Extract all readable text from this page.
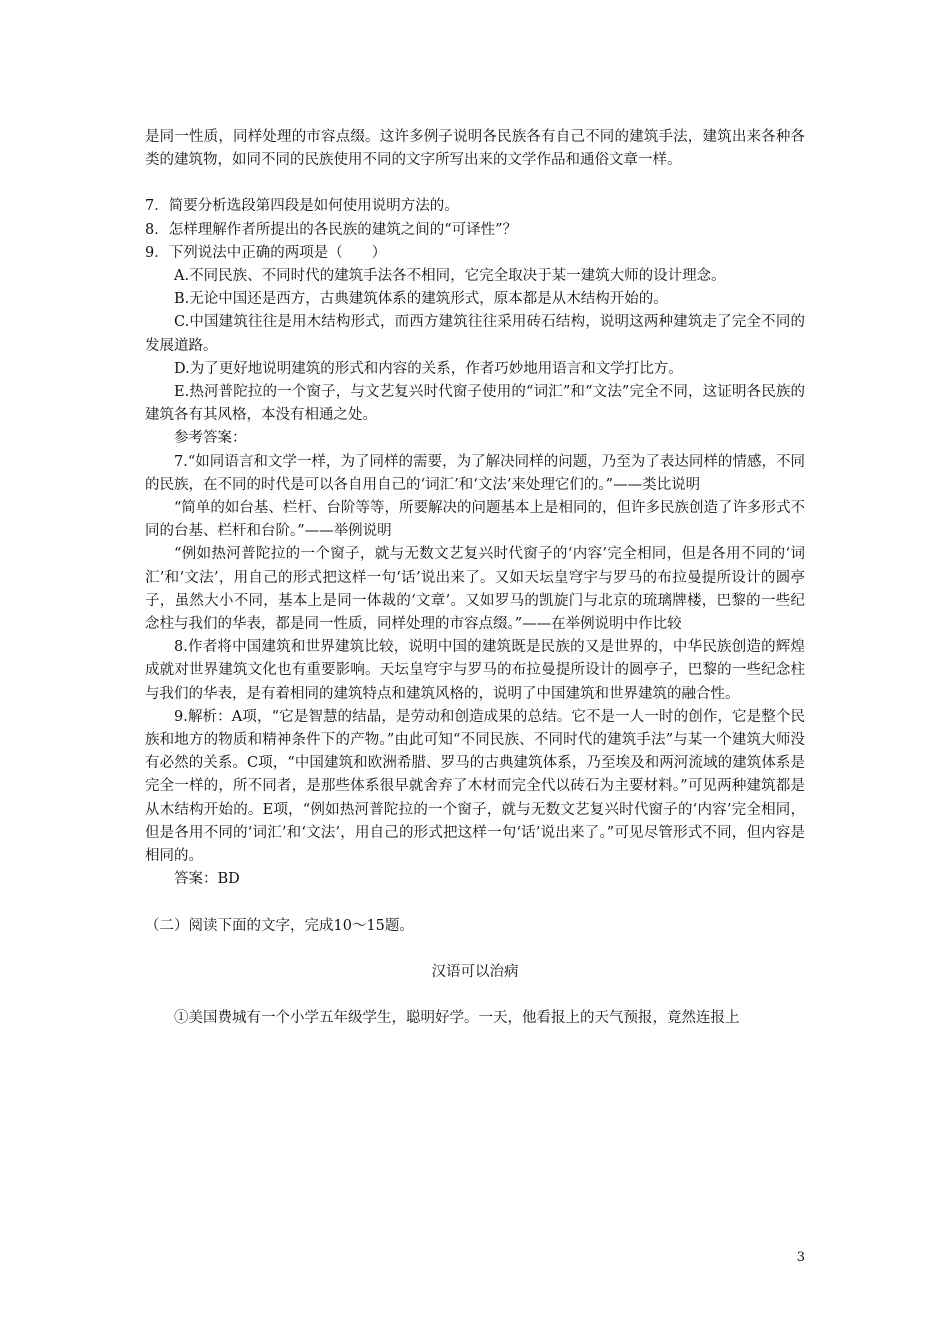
是同一性质，同样处理的市容点缀。这许多例子说明各民族各有自己不同的建筑手法，建筑出来各种各类的建筑物，如同不同的民族使用不同的文字所写出来的文学作品和通俗文章一样。

7．简要分析选段第四段是如何使用说明方法的。

8．怎样理解作者所提出的各民族的建筑之间的“可译性”？

9．下列说法中正确的两项是（　　）

A.不同民族、不同时代的建筑手法各不相同，它完全取决于某一建筑大师的设计理念。

B.无论中国还是西方，古典建筑体系的建筑形式，原本都是从木结构开始的。

C.中国建筑往往是用木结构形式，而西方建筑往往采用砖石结构，说明这两种建筑走了完全不同的发展道路。

D.为了更好地说明建筑的形式和内容的关系，作者巧妙地用语言和文学打比方。

E.热河普陀拉的一个窗子，与文艺复兴时代窗子使用的“词汇”和“文法”完全不同，这证明各民族的建筑各有其风格，本没有相通之处。

参考答案：

7.“如同语言和文学一样，为了同样的需要，为了解决同样的问题，乃至为了表达同样的情感，不同的民族，在不同的时代是可以各自用自己的‘词汇’和‘文法’来处理它们的。”——类比说明

“简单的如台基、栏杆、台阶等等，所要解决的问题基本上是相同的，但许多民族创造了许多形式不同的台基、栏杆和台阶。”——举例说明

“例如热河普陀拉的一个窗子，就与无数文艺复兴时代窗子的‘内容’完全相同，但是各用不同的‘词汇’和‘文法’，用自己的形式把这样一句‘话’说出来了。又如天坛皇穹宇与罗马的布拉曼提所设计的圆亭子，虽然大小不同，基本上是同一体裁的‘文章’。又如罗马的凯旋门与北京的琉璃牌楼，巴黎的一些纪念柱与我们的华表，都是同一性质，同样处理的市容点缀。”——在举例说明中作比较

8.作者将中国建筑和世界建筑比较，说明中国的建筑既是民族的又是世界的，中华民族创造的辉煌成就对世界建筑文化也有重要影响。天坛皇穹宇与罗马的布拉曼提所设计的圆亭子，巴黎的一些纪念柱与我们的华表，是有着相同的建筑特点和建筑风格的，说明了中国建筑和世界建筑的融合性。

9.解析：A项，“它是智慧的结晶，是劳动和创造成果的总结。它不是一人一时的创作，它是整个民族和地方的物质和精神条件下的产物。”由此可知“不同民族、不同时代的建筑手法”与某一个建筑大师没有必然的关系。C项，“中国建筑和欧洲希腊、罗马的古典建筑体系，乃至埃及和两河流域的建筑体系是完全一样的，所不同者，是那些体系很早就舍弃了木材而完全代以砖石为主要材料。”可见两种建筑都是从木结构开始的。E项，“例如热河普陀拉的一个窗子，就与无数文艺复兴时代窗子的‘内容’完全相同，但是各用不同的‘词汇’和‘文法’，用自己的形式把这样一句‘话’说出来了。”可见尽管形式不同，但内容是相同的。

答案：BD

（二）阅读下面的文字，完成10～15题。

汉语可以治病

①美国费城有一个小学五年级学生，聪明好学。一天，他看报上的天气预报，竟然连报上

3
